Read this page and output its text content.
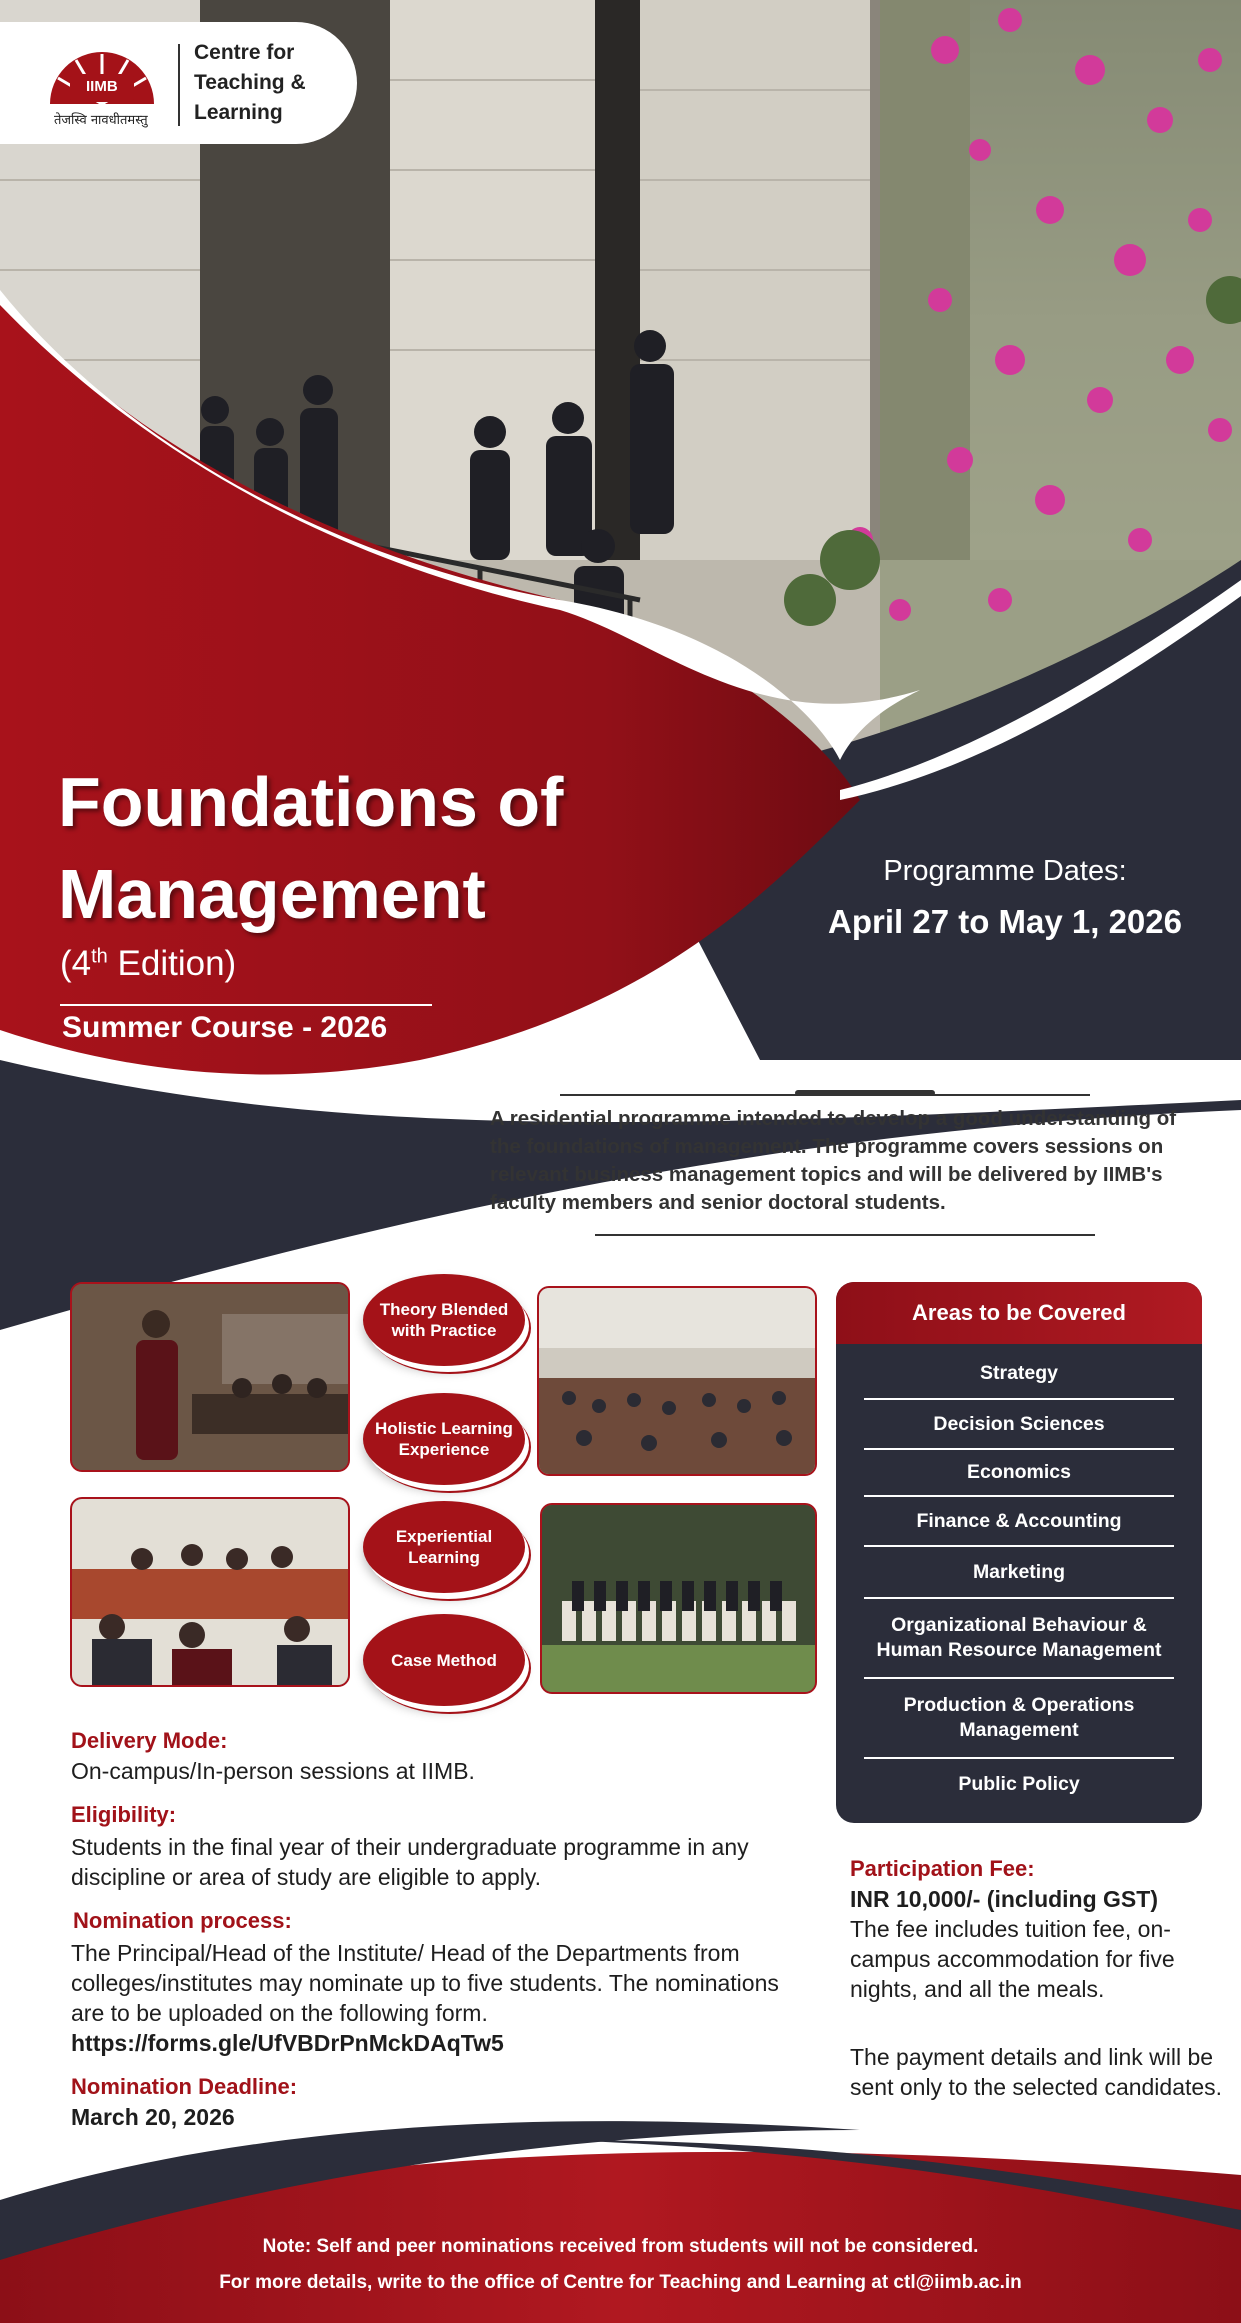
IIMB
तेजस्वि नावधीतमस्तु
Centre for
Teaching &
Learning
Foundations of
Management
(4th Edition)
Summer Course - 2026
Programme Dates:
April 27 to May 1, 2026
A residential programme intended to develop a good understanding of the foundations of management. The programme covers sessions on relevant business management topics and will be delivered by IIMB's faculty members and senior doctoral students.
Theory Blended with Practice
Holistic Learning Experience
Experiential Learning
Case Method
Areas to be Covered
Strategy
Decision Sciences
Economics
Finance & Accounting
Marketing
Organizational Behaviour & Human Resource Management
Production & Operations Management
Public Policy
Delivery Mode:
On-campus/In-person sessions at IIMB.
Eligibility:
Students in the final year of their undergraduate programme in any discipline or area of study are eligible to apply.
Nomination process:
The Principal/Head of the Institute/ Head of the Departments from colleges/institutes may nominate up to five students. The nominations are to be uploaded on the following form.
https://forms.gle/UfVBDrPnMckDAqTw5
Nomination Deadline:
March 20, 2026
Participation Fee:
INR 10,000/- (including GST)
The fee includes tuition fee, on-campus accommodation for five nights, and all the meals.
The payment details and link will be sent only to the selected candidates.
Note: Self and peer nominations received from students will not be considered.
For more details, write to the office of Centre for Teaching and Learning at ctl@iimb.ac.in
